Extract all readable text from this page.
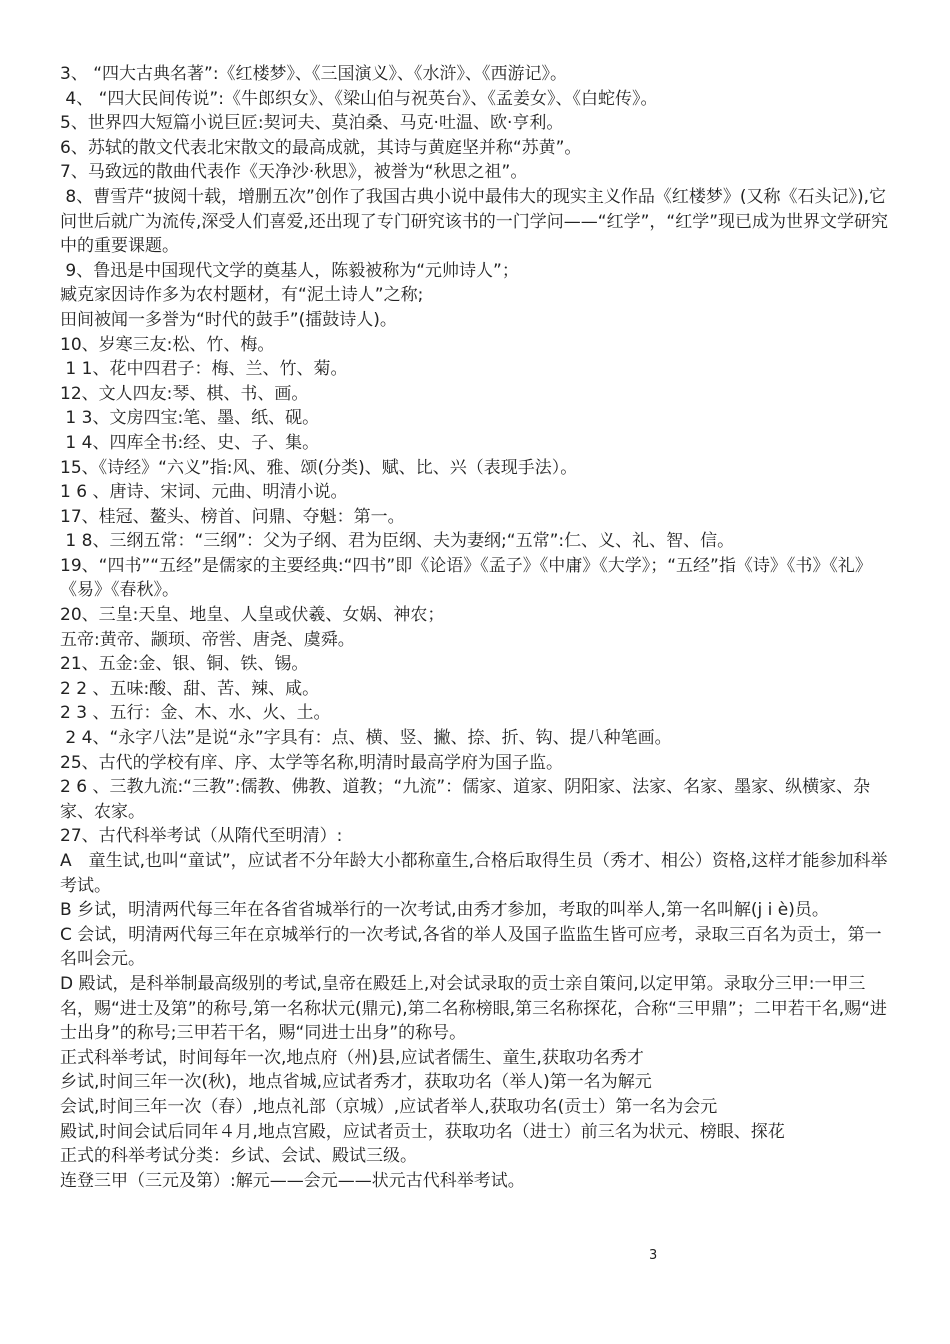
3、 “四大古典名著”:《红楼梦》、《三国演义》、《水浒》、《西游记》。

4、 “四大民间传说”:《牛郎织女》、《梁山伯与祝英台》、《孟姜女》、《白蛇传》。

5、世界四大短篇小说巨匠:契诃夫、莫泊桑、马克·吐温、欧·亨利。

6、苏轼的散文代表北宋散文的最高成就，其诗与黄庭坚并称“苏黄”。

7、马致远的散曲代表作《天净沙·秋思》，被誉为“秋思之祖”。

8、曹雪芹“披阅十载，增删五次”创作了我国古典小说中最伟大的现实主义作品《红楼梦》(又称《石头记》),它问世后就广为流传,深受人们喜爱,还出现了专门研究该书的一门学问——“红学”，“红学”现已成为世界文学研究中的重要课题。

9、鲁迅是中国现代文学的奠基人，陈毅被称为“元帅诗人”；

臧克家因诗作多为农村题材，有“泥土诗人”之称;

田间被闻一多誉为“时代的鼓手”(擂鼓诗人)。

10、岁寒三友:松、竹、梅。

1 1、花中四君子：梅、兰、竹、菊。

12、文人四友:琴、棋、书、画。

1 3、文房四宝:笔、墨、纸、砚。

1 4、四库全书:经、史、子、集。

15、《诗经》“六义”指:风、雅、颂(分类)、赋、比、兴（表现手法）。

1 6 、唐诗、宋词、元曲、明清小说。

17、桂冠、鳌头、榜首、问鼎、夺魁：第一。

1 8、三纲五常：“三纲”：父为子纲、君为臣纲、夫为妻纲;“五常”:仁、义、礼、智、信。

19、“四书”“五经”是儒家的主要经典:“四书”即《论语》《孟子》《中庸》《大学》；“五经”指《诗》《书》《礼》《易》《春秋》。

20、三皇:天皇、地皇、人皇或伏羲、女娲、神农；

五帝:黄帝、颛顼、帝喾、唐尧、虞舜。

21、五金:金、银、铜、铁、锡。

2 2 、五味:酸、甜、苦、辣、咸。

2 3 、五行：金、木、水、火、土。

2 4、“永字八法”是说“永”字具有：点、横、竖、撇、捺、折、钩、提八种笔画。

25、古代的学校有庠、序、太学等名称,明清时最高学府为国子监。

2 6 、三教九流:“三教”:儒教、佛教、道教；“九流”：儒家、道家、阴阳家、法家、名家、墨家、纵横家、杂家、农家。

27、古代科举考试（从隋代至明清）:

A　童生试,也叫“童试”，应试者不分年龄大小都称童生,合格后取得生员（秀才、相公）资格,这样才能参加科举考试。

B 乡试，明清两代每三年在各省省城举行的一次考试,由秀才参加，考取的叫举人,第一名叫解(j i è)员。

C 会试，明清两代每三年在京城举行的一次考试,各省的举人及国子监监生皆可应考，录取三百名为贡士，第一名叫会元。

D 殿试，是科举制最高级别的考试,皇帝在殿廷上,对会试录取的贡士亲自策问,以定甲第。录取分三甲:一甲三名，赐“进士及第”的称号,第一名称状元(鼎元),第二名称榜眼,第三名称探花，合称“三甲鼎”；二甲若干名,赐“进士出身”的称号;三甲若干名，赐“同进士出身”的称号。

正式科举考试，时间每年一次,地点府（州)县,应试者儒生、童生,获取功名秀才

乡试,时间三年一次(秋)，地点省城,应试者秀才，获取功名（举人)第一名为解元

会试,时间三年一次（春）,地点礼部（京城）,应试者举人,获取功名(贡士）第一名为会元

殿试,时间会试后同年４月,地点宫殿，应试者贡士，获取功名（进士）前三名为状元、榜眼、探花

正式的科举考试分类：乡试、会试、殿试三级。

连登三甲（三元及第）:解元——会元——状元古代科举考试。

3
